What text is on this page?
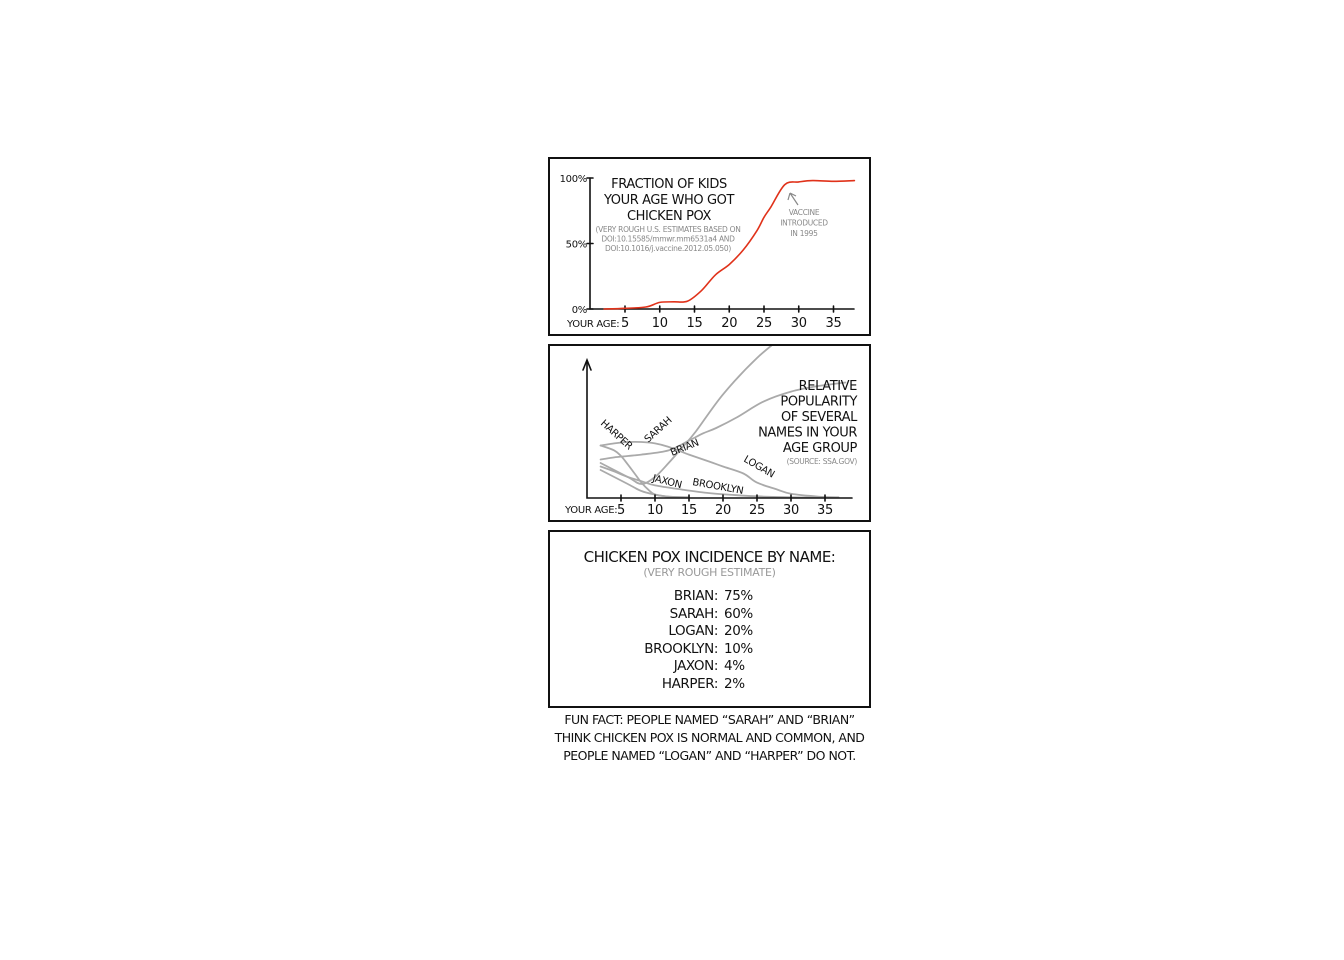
0%
50%
100%
YOUR AGE: 5 10 15 20 25 30 35
FRACTION OF KIDS
YOUR AGE WHO GOT
CHICKEN POX
(VERY ROUGH U.S. ESTIMATES BASED ON
DOI:10.15585/mmwr.mm6531a4 AND
DOI:10.1016/j.vaccine.2012.05.050)
VACCINE
INTRODUCED
IN 1995
YOUR AGE: 5 10 15 20 25 30 35
RELATIVE
POPULARITY
OF SEVERAL
NAMES IN YOUR
AGE GROUP
(SOURCE: SSA.GOV)
HARPER SARAH
BRIAN
LOGAN
JAXON BROOKLYN
CHICKEN POX INCIDENCE BY NAME:
(VERY ROUGH ESTIMATE)
BRIAN: 75%
SARAH: 60%
LOGAN: 20%
BROOKLYN: 10%
JAXON: 4%
HARPER: 2%
FUN FACT: PEOPLE NAMED “SARAH” AND “BRIAN”
THINK CHICKEN POX IS NORMAL AND COMMON, AND
PEOPLE NAMED “LOGAN” AND “HARPER” DO NOT.
